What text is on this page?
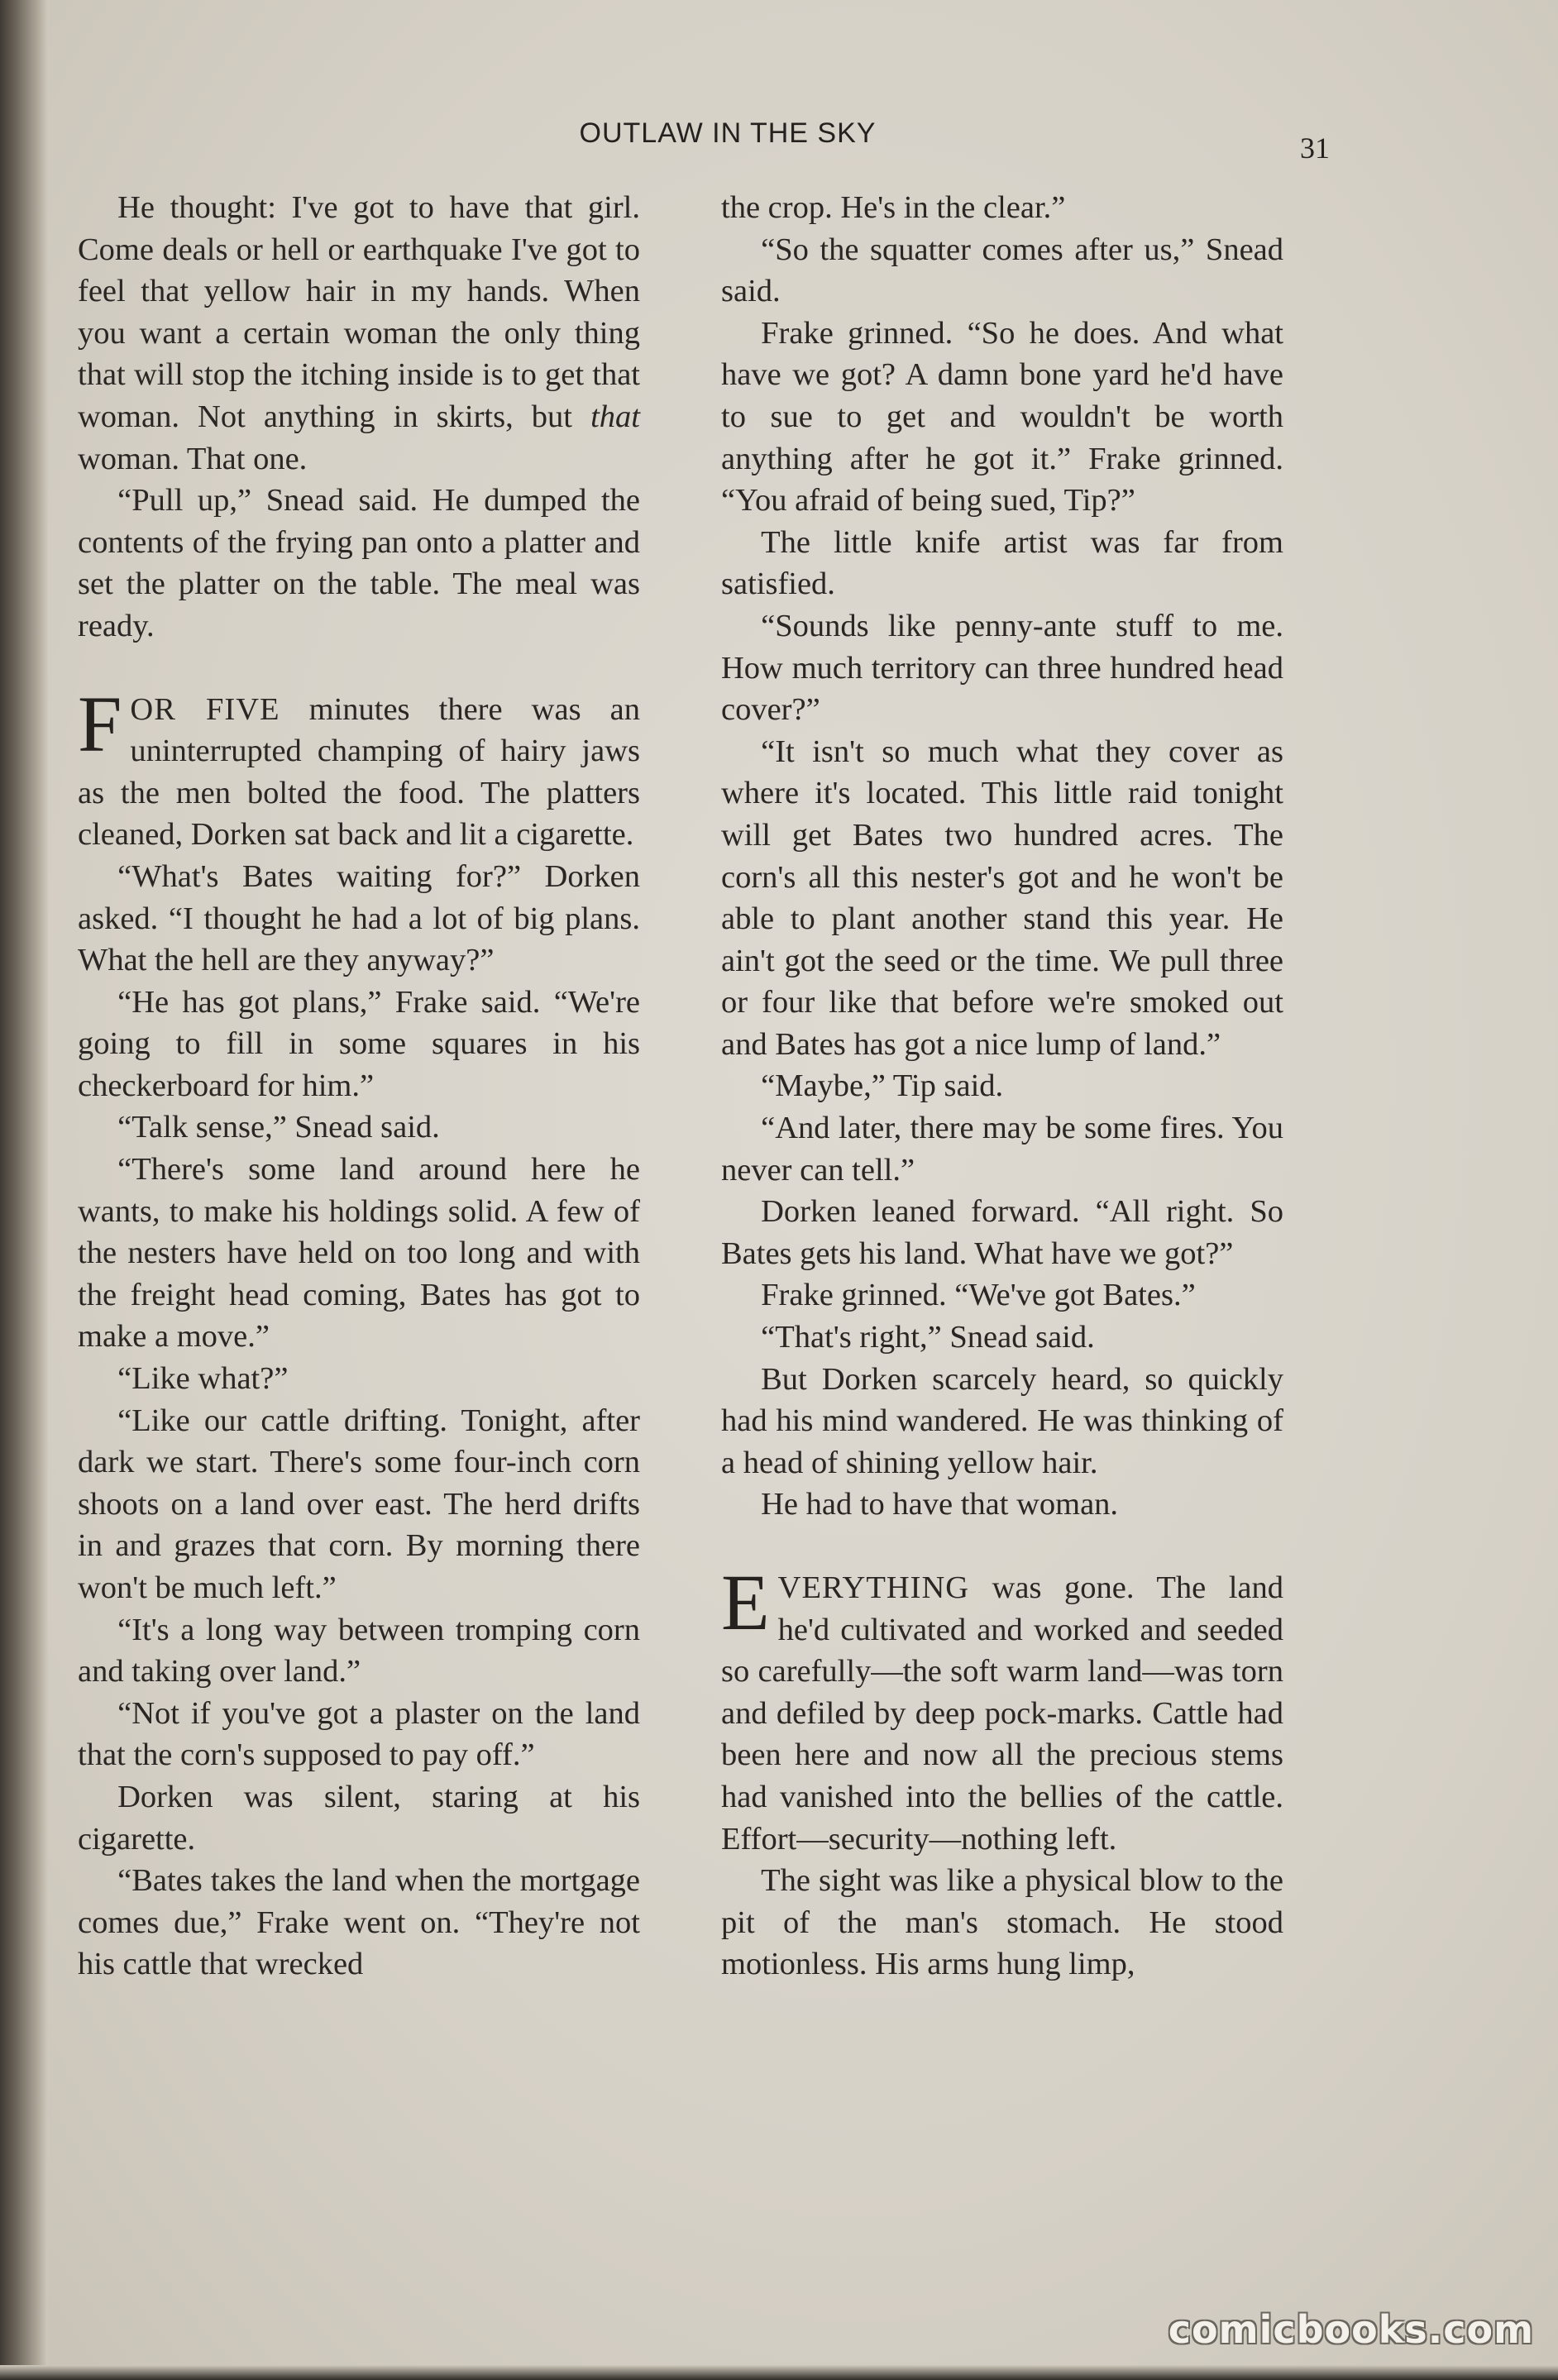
OUTLAW IN THE SKY	31

He thought: I've got to have that girl. Come deals or hell or earthquake I've got to feel that yellow hair in my hands. When you want a certain woman the only thing that will stop the itching inside is to get that woman. Not anything in skirts, but that woman. That one.

“Pull up,” Snead said. He dumped the contents of the frying pan onto a platter and set the platter on the table. The meal was ready.

FOR FIVE minutes there was an uninterrupted champing of hairy jaws as the men bolted the food. The platters cleaned, Dorken sat back and lit a cigarette.

“What's Bates waiting for?” Dorken asked. “I thought he had a lot of big plans. What the hell are they anyway?”

“He has got plans,” Frake said. “We're going to fill in some squares in his checkerboard for him.”

“Talk sense,” Snead said.

“There's some land around here he wants, to make his holdings solid. A few of the nesters have held on too long and with the freight head coming, Bates has got to make a move.”

“Like what?”

“Like our cattle drifting. Tonight, after dark we start. There's some four-inch corn shoots on a land over east. The herd drifts in and grazes that corn. By morning there won't be much left.”

“It's a long way between tromping corn and taking over land.”

“Not if you've got a plaster on the land that the corn's supposed to pay off.”

Dorken was silent, staring at his cigarette.

“Bates takes the land when the mortgage comes due,” Frake went on. “They're not his cattle that wrecked

the crop. He's in the clear.”

“So the squatter comes after us,” Snead said.

Frake grinned. “So he does. And what have we got? A damn bone yard he'd have to sue to get and wouldn't be worth anything after he got it.” Frake grinned. “You afraid of being sued, Tip?”

The little knife artist was far from satisfied.

“Sounds like penny-ante stuff to me. How much territory can three hundred head cover?”

“It isn't so much what they cover as where it's located. This little raid tonight will get Bates two hundred acres. The corn's all this nester's got and he won't be able to plant another stand this year. He ain't got the seed or the time. We pull three or four like that before we're smoked out and Bates has got a nice lump of land.”

“Maybe,” Tip said.

“And later, there may be some fires. You never can tell.”

Dorken leaned forward. “All right. So Bates gets his land. What have we got?”

Frake grinned. “We've got Bates.”

“That's right,” Snead said.

But Dorken scarcely heard, so quickly had his mind wandered. He was thinking of a head of shining yellow hair.

He had to have that woman.

EVERYTHING was gone. The land he'd cultivated and worked and seeded so carefully—the soft warm land—was torn and defiled by deep pock-marks. Cattle had been here and now all the precious stems had vanished into the bellies of the cattle. Effort—security—nothing left.

The sight was like a physical blow to the pit of the man's stomach. He stood motionless. His arms hung limp,

comicbooks.com
